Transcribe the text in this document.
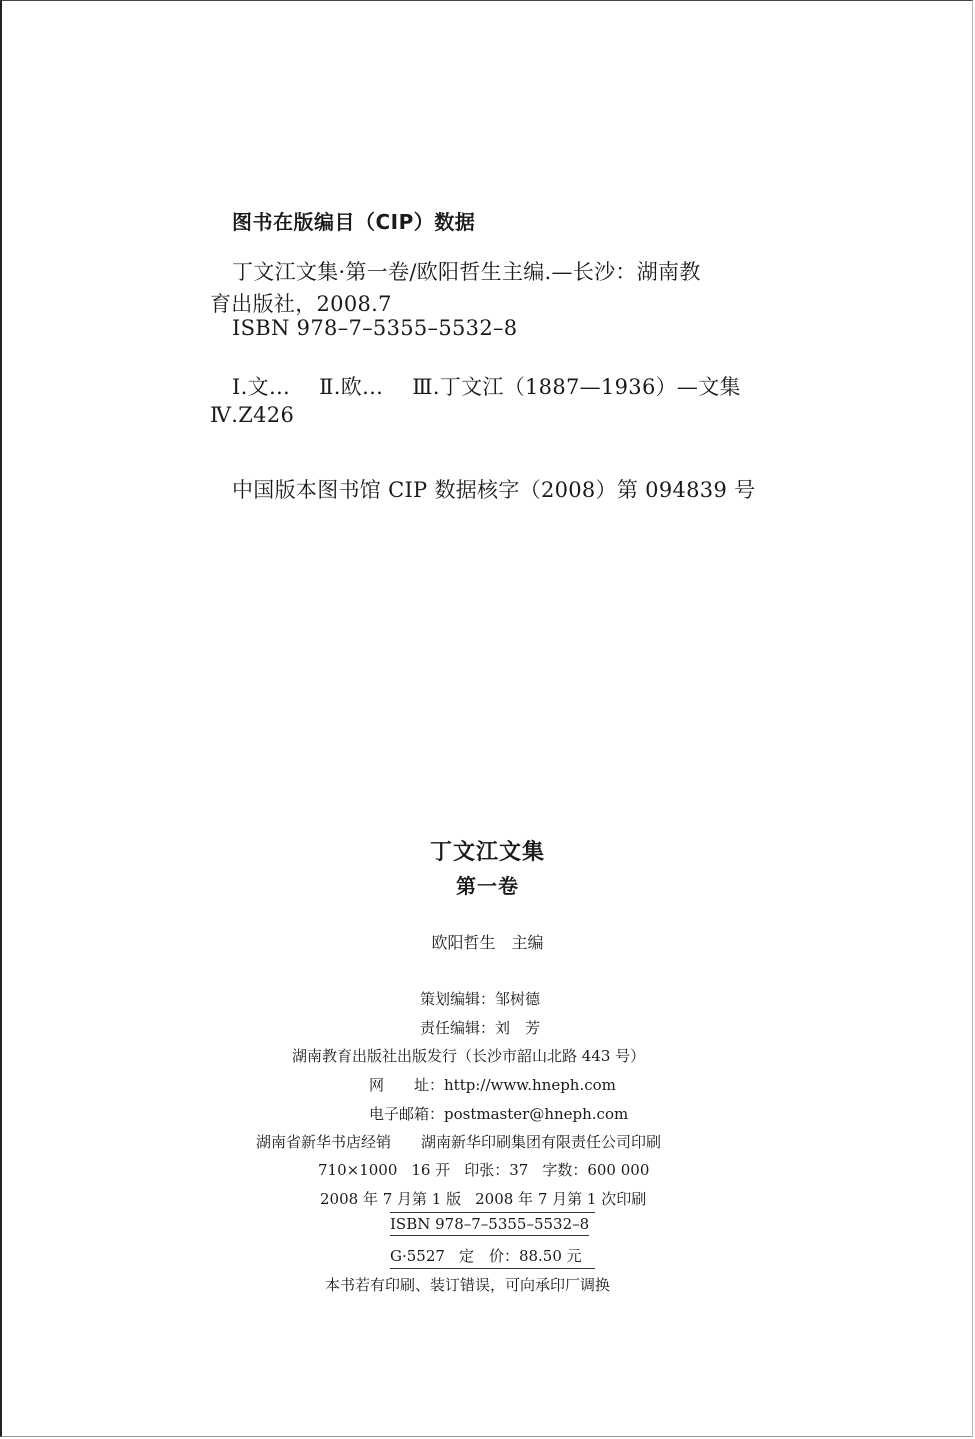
图书在版编目（CIP）数据
丁文江文集·第一卷/欧阳哲生主编.—长沙：湖南教
育出版社，2008.7
ISBN 978–7–5355–5532–8
Ⅰ.文… Ⅱ.欧… Ⅲ.丁文江（1887—1936）—文集
Ⅳ.Z426
中国版本图书馆 CIP 数据核字（2008）第 094839 号
丁文江文集
第一卷
欧阳哲生 主编
策划编辑：邹树德
责任编辑：刘　芳
湖南教育出版社出版发行（长沙市韶山北路 443 号）
网　　址：http://www.hneph.com
电子邮箱：postmaster@hneph.com
湖南省新华书店经销 湖南新华印刷集团有限责任公司印刷
710×1000 16 开 印张：37 字数：600 000
2008 年 7 月第 1 版 2008 年 7 月第 1 次印刷
ISBN 978–7–5355–5532–8
G·5527 定　价：88.50 元
本书若有印刷、装订错误，可向承印厂调换
